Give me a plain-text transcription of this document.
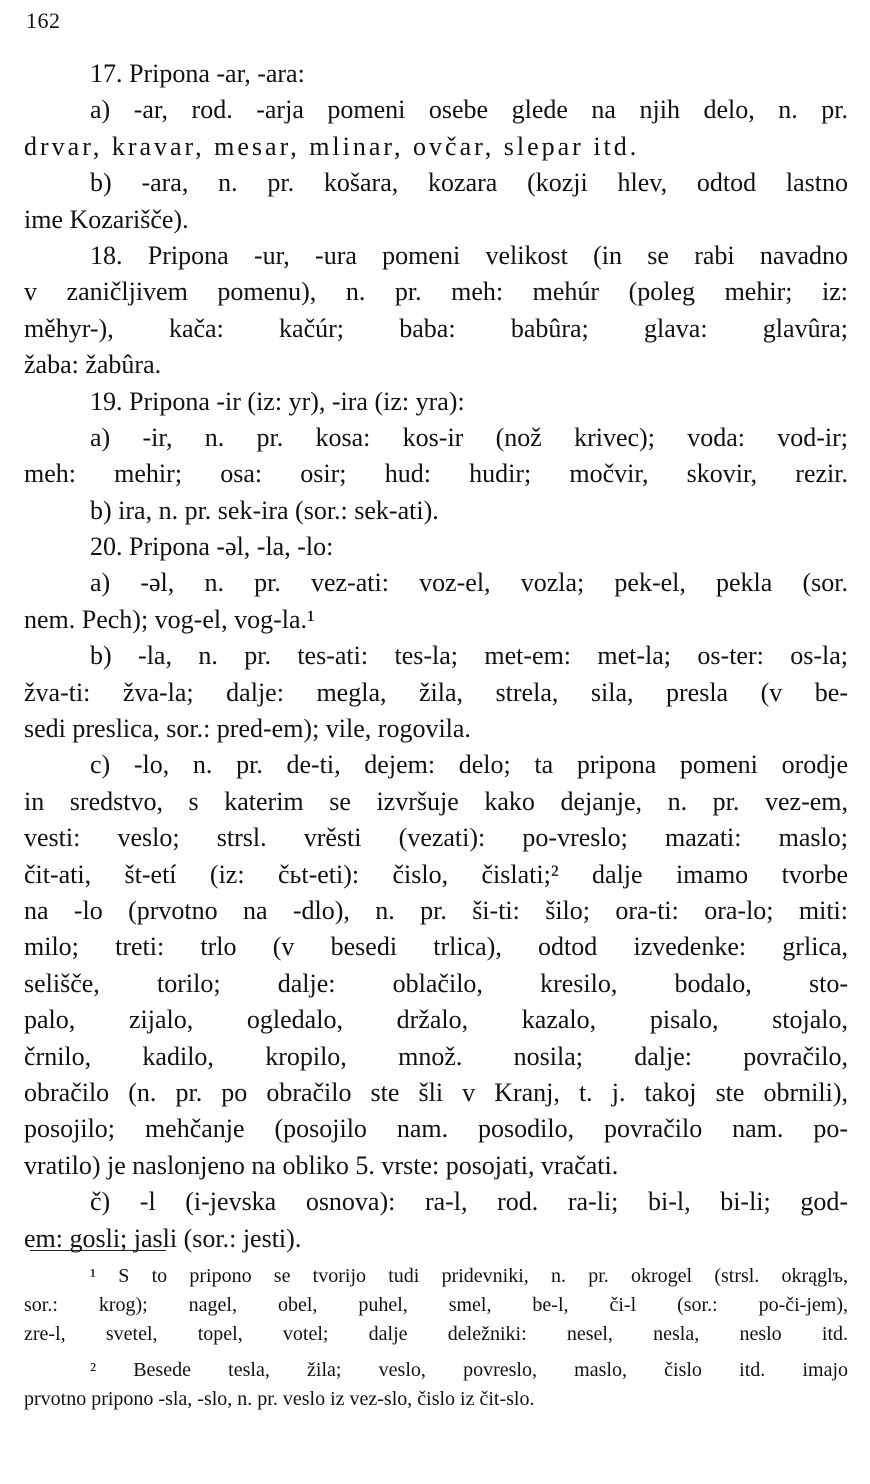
162
17. Pripona -ar, -ara:
a) -ar, rod. -arja pomeni osebe glede na njih delo, n. pr.
drvar, kravar, mesar, mlinar, ovčar, slepar itd.
b) -ara, n. pr. košara, kozara (kozji hlev, odtod lastno
ime Kozarišče).
18. Pripona -ur, -ura pomeni velikost (in se rabi navadno
v zaničljivem pomenu), n. pr. meh: mehúr (poleg mehir; iz:
měhyr-), kača: kačúr; baba: babûra; glava: glavûra;
žaba: žabûra.
19. Pripona -ir (iz: yr), -ira (iz: yra):
a) -ir, n. pr. kosa: kos-ir (nož krivec); voda: vod-ir;
meh: mehir; osa: osir; hud: hudir; močvir, skovir, rezir.
b) ira, n. pr. sek-ira (sor.: sek-ati).
20. Pripona -əl, -la, -lo:
a) -əl, n. pr. vez-ati: voz-el, vozla; pek-el, pekla (sor.
nem. Pech); vog-el, vog-la.¹
b) -la, n. pr. tes-ati: tes-la; met-em: met-la; os-ter: os-la;
žva-ti: žva-la; dalje: megla, žila, strela, sila, presla (v be-
sedi preslica, sor.: pred-em); vile, rogovila.
c) -lo, n. pr. de-ti, dejem: delo; ta pripona pomeni orodje
in sredstvo, s katerim se izvršuje kako dejanje, n. pr. vez-em,
vesti: veslo; strsl. vrěsti (vezati): po-vreslo; mazati: maslo;
čit-ati, št-etí (iz: čьt-eti): čislo, čislati;² dalje imamo tvorbe
na -lo (prvotno na -dlo), n. pr. ši-ti: šilo; ora-ti: ora-lo; miti:
milo; treti: trlo (v besedi trlica), odtod izvedenke: grlica,
selišče, torilo; dalje: oblačilo, kresilo, bodalo, sto-
palo, zijalo, ogledalo, držalo, kazalo, pisalo, stojalo,
črnilo, kadilo, kropilo, množ. nosila; dalje: povračilo,
obračilo (n. pr. po obračilo ste šli v Kranj, t. j. takoj ste obrnili),
posojilo; mehčanje (posojilo nam. posodilo, povračilo nam. po-
vratilo) je naslonjeno na obliko 5. vrste: posojati, vračati.
č) -l (i-jevska osnova): ra-l, rod. ra-li; bi-l, bi-li; god-
em: gosli; jasli (sor.: jesti).
¹ S to pripono se tvorijo tudi pridevniki, n. pr. okrogel (strsl. okrąglъ,
sor.: krog); nagel, obel, puhel, smel, be-l, či-l (sor.: po-či-jem),
zre-l, svetel, topel, votel; dalje deležniki: nesel, nesla, neslo itd.
² Besede tesla, žila; veslo, povreslo, maslo, čislo itd. imajo
prvotno pripono -sla, -slo, n. pr. veslo iz vez-slo, čislo iz čit-slo.
